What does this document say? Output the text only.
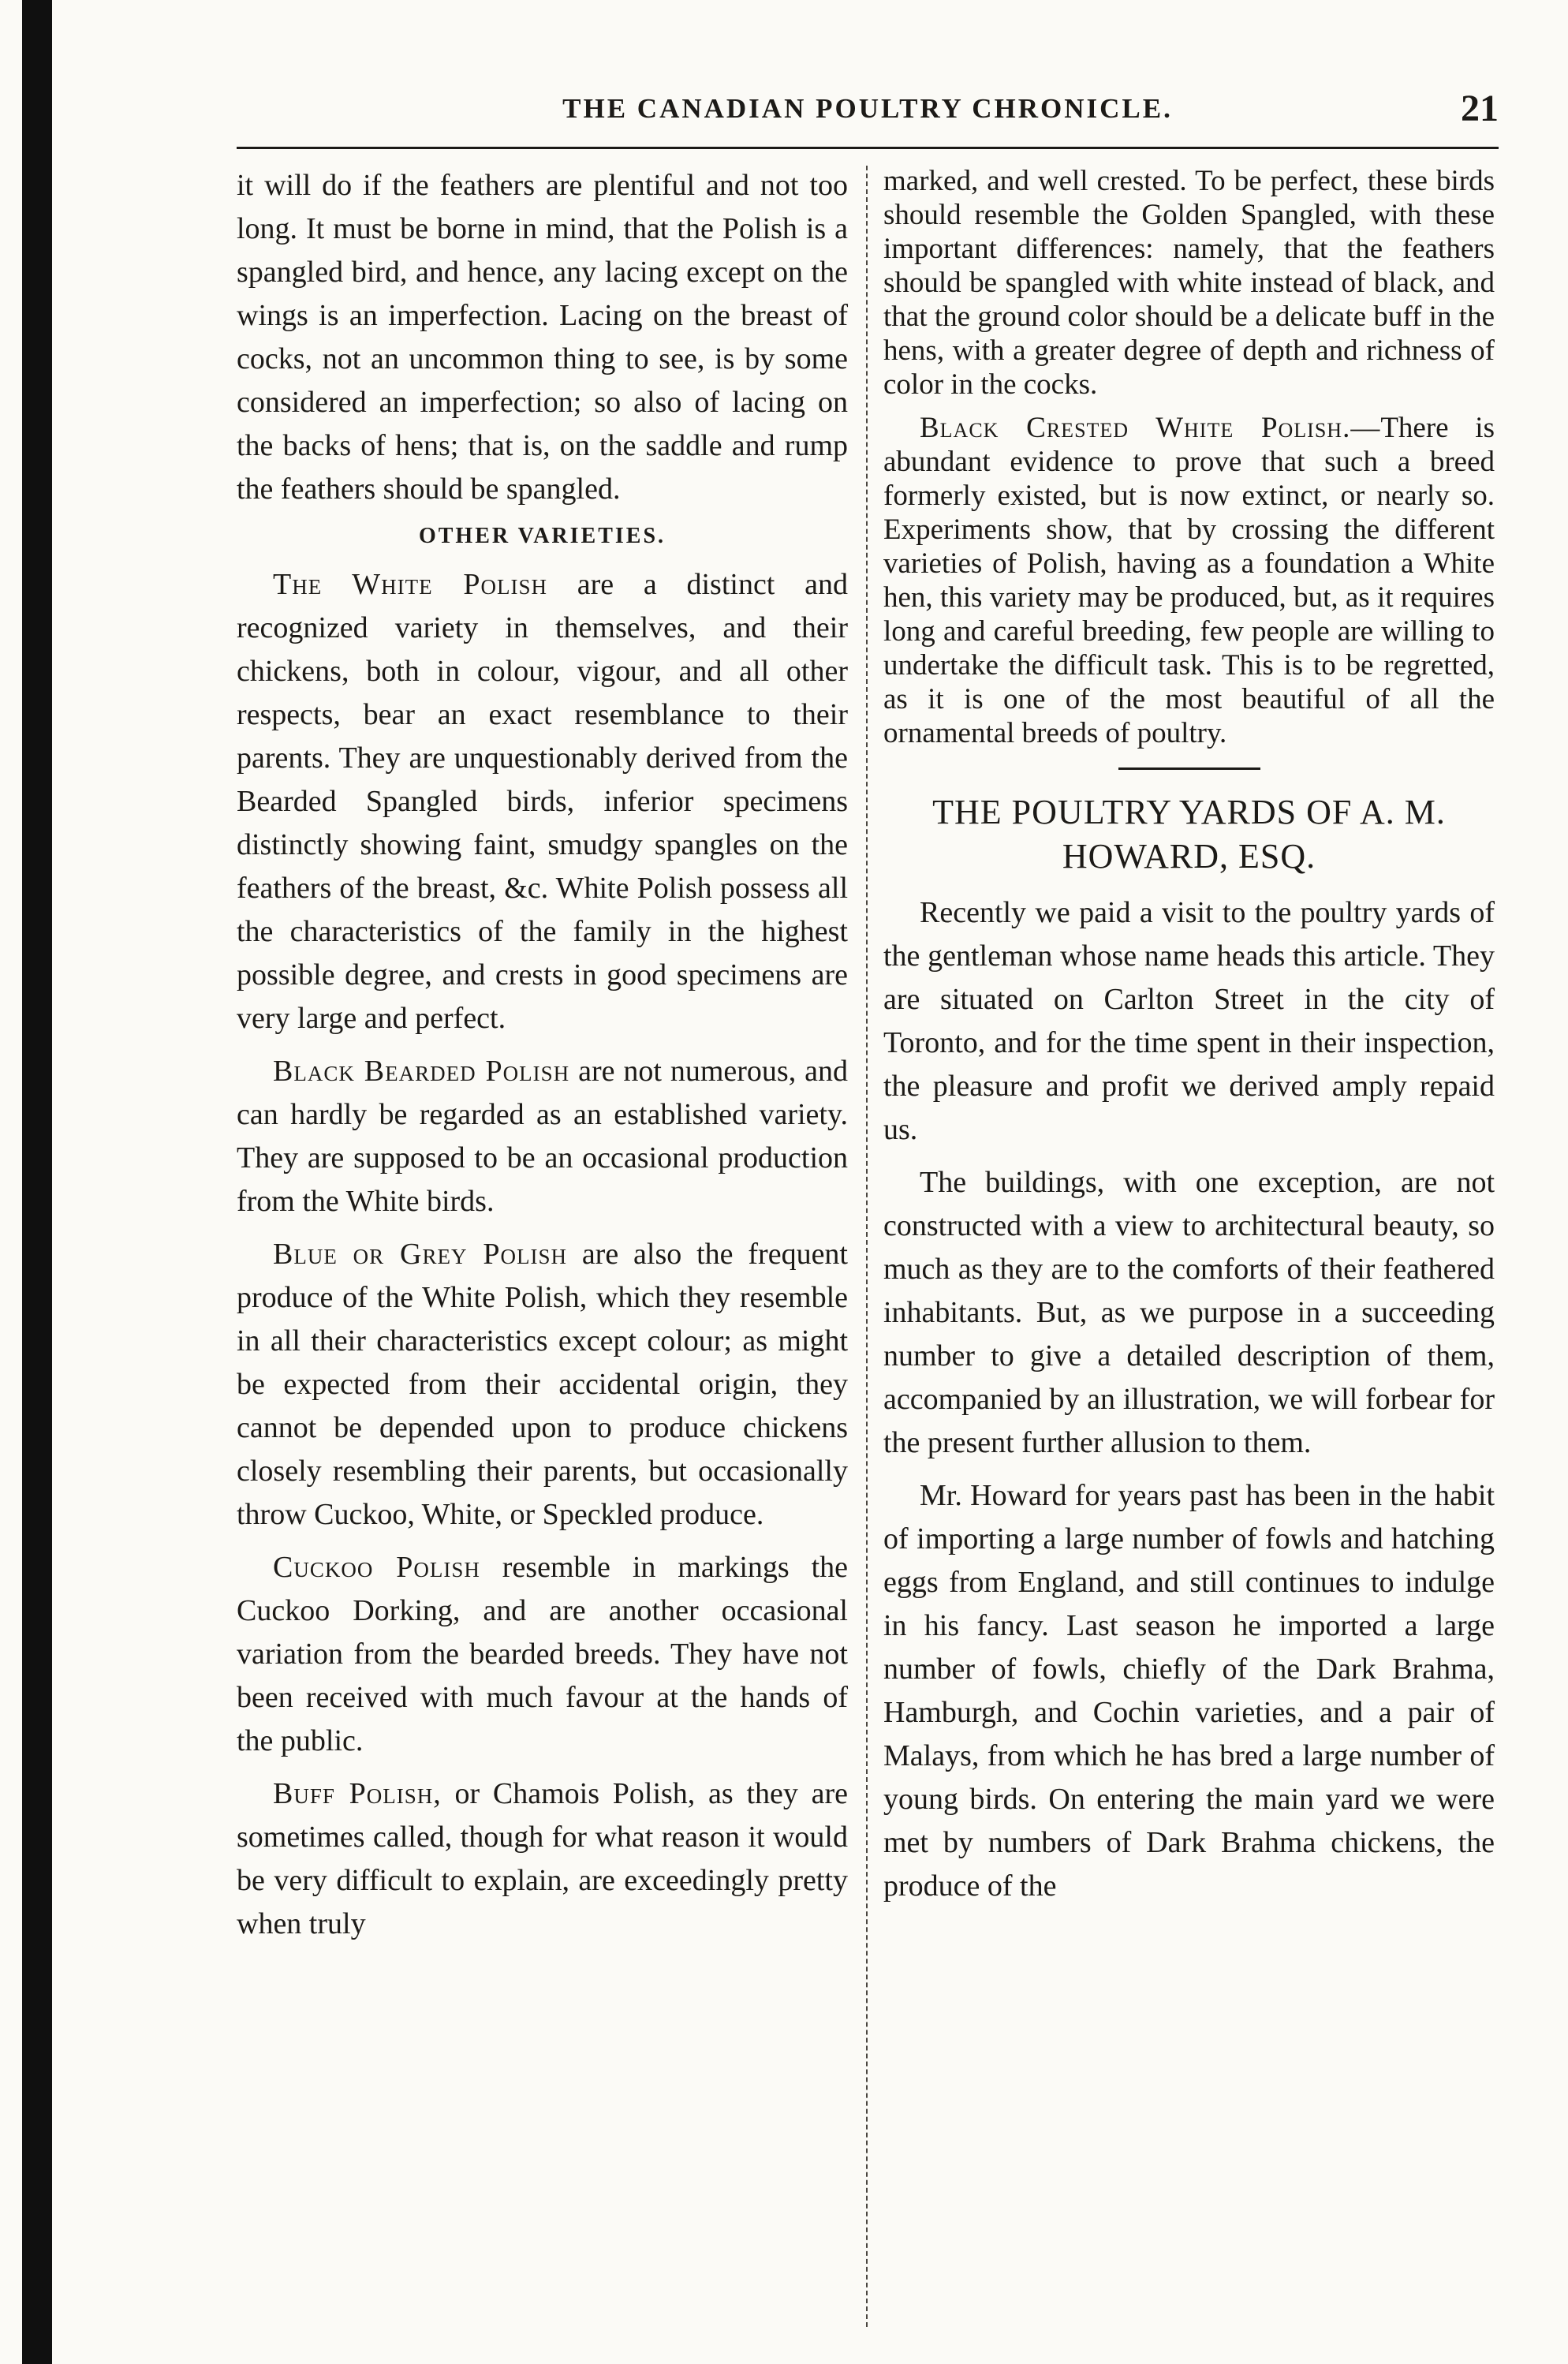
THE CANADIAN POULTRY CHRONICLE.	21

it will do if the feathers are plentiful and not too long. It must be borne in mind, that the Polish is a spangled bird, and hence, any lacing except on the wings is an imperfection. Lacing on the breast of cocks, not an uncommon thing to see, is by some considered an imperfection; so also of lacing on the backs of hens; that is, on the saddle and rump the feathers should be spangled.

OTHER VARIETIES.

The White Polish are a distinct and recognized variety in themselves, and their chickens, both in colour, vigour, and all other respects, bear an exact resemblance to their parents. They are unquestionably derived from the Bearded Spangled birds, inferior specimens distinctly showing faint, smudgy spangles on the feathers of the breast, &c. White Polish possess all the characteristics of the family in the highest possible degree, and crests in good specimens are very large and perfect.

Black Bearded Polish are not numerous, and can hardly be regarded as an established variety. They are supposed to be an occasional production from the White birds.

Blue or Grey Polish are also the frequent produce of the White Polish, which they resemble in all their characteristics except colour; as might be expected from their accidental origin, they cannot be depended upon to produce chickens closely resembling their parents, but occasionally throw Cuckoo, White, or Speckled produce.

Cuckoo Polish resemble in markings the Cuckoo Dorking, and are another occasional variation from the bearded breeds. They have not been received with much favour at the hands of the public.

Buff Polish, or Chamois Polish, as they are sometimes called, though for what reason it would be very difficult to explain, are exceedingly pretty when truly

marked, and well crested. To be perfect, these birds should resemble the Golden Spangled, with these important differences: namely, that the feathers should be spangled with white instead of black, and that the ground color should be a delicate buff in the hens, with a greater degree of depth and richness of color in the cocks.

Black Crested White Polish.—There is abundant evidence to prove that such a breed formerly existed, but is now extinct, or nearly so. Experiments show, that by crossing the different varieties of Polish, having as a foundation a White hen, this variety may be produced, but, as it requires long and careful breeding, few people are willing to undertake the difficult task. This is to be regretted, as it is one of the most beautiful of all the ornamental breeds of poultry.

THE POULTRY YARDS OF A. M. HOWARD, ESQ.

Recently we paid a visit to the poultry yards of the gentleman whose name heads this article. They are situated on Carlton Street in the city of Toronto, and for the time spent in their inspection, the pleasure and profit we derived amply repaid us.

The buildings, with one exception, are not constructed with a view to architectural beauty, so much as they are to the comforts of their feathered inhabitants. But, as we purpose in a succeeding number to give a detailed description of them, accompanied by an illustration, we will forbear for the present further allusion to them.

Mr. Howard for years past has been in the habit of importing a large number of fowls and hatching eggs from England, and still continues to indulge in his fancy. Last season he imported a large number of fowls, chiefly of the Dark Brahma, Hamburgh, and Cochin varieties, and a pair of Malays, from which he has bred a large number of young birds. On entering the main yard we were met by numbers of Dark Brahma chickens, the produce of the
